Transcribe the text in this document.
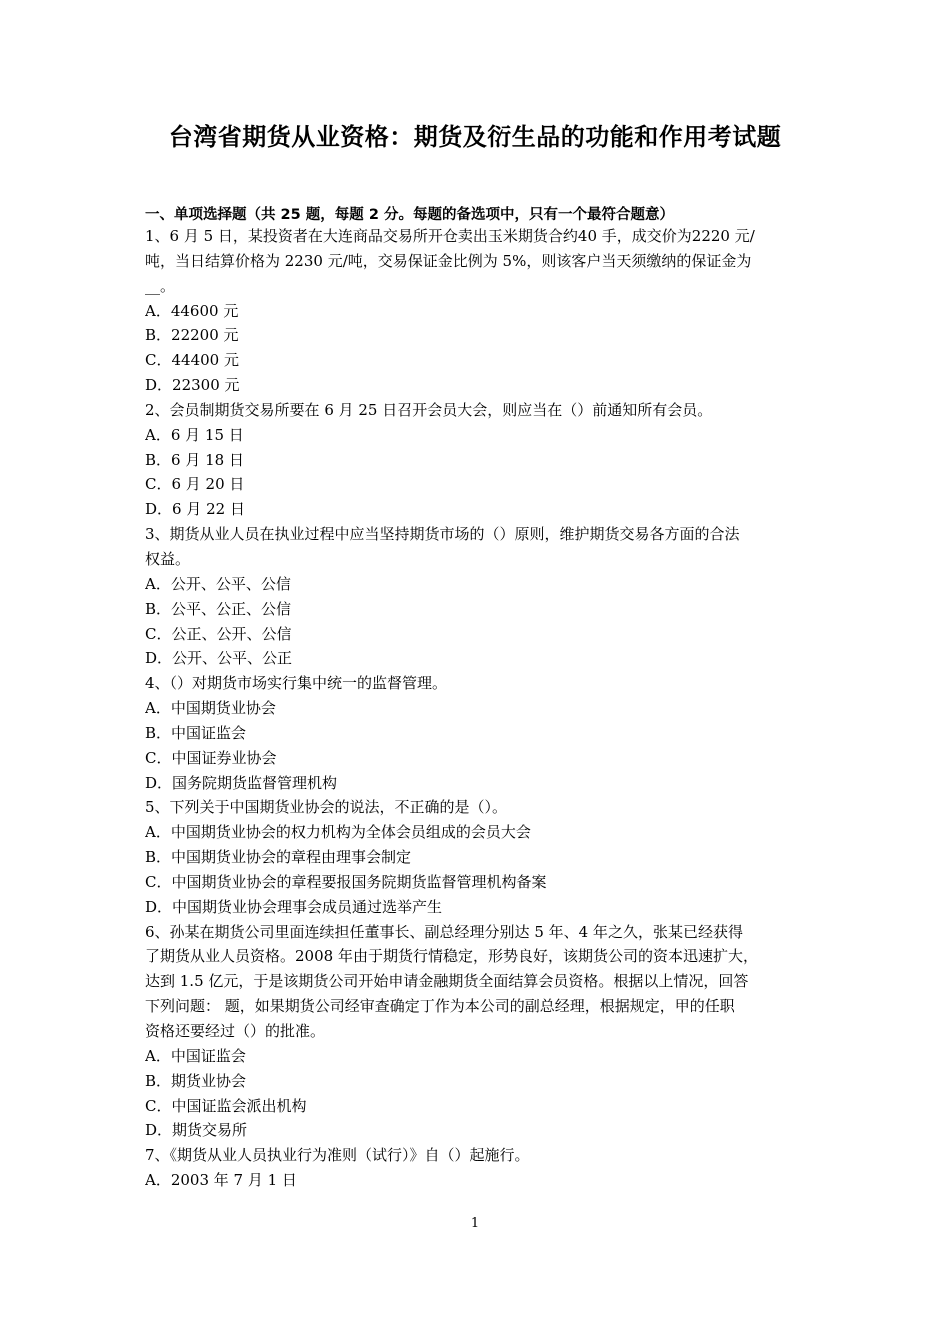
台湾省期货从业资格：期货及衍生品的功能和作用考试题
一、单项选择题（共 25 题，每题 2 分。每题的备选项中，只有一个最符合题意）
1、6 月 5 日，某投资者在大连商品交易所开仓卖出玉米期货合约40 手，成交价为2220 元/
吨，当日结算价格为 2230 元/吨，交易保证金比例为 5%，则该客户当天须缴纳的保证金为
__。
A．44600 元
B．22200 元
C．44400 元
D．22300 元
2、会员制期货交易所要在 6 月 25 日召开会员大会，则应当在（）前通知所有会员。
A．6 月 15 日
B．6 月 18 日
C．6 月 20 日
D．6 月 22 日
3、期货从业人员在执业过程中应当坚持期货市场的（）原则，维护期货交易各方面的合法
权益。
A．公开、公平、公信
B．公平、公正、公信
C．公正、公开、公信
D．公开、公平、公正
4、（）对期货市场实行集中统一的监督管理。
A．中国期货业协会
B．中国证监会
C．中国证券业协会
D．国务院期货监督管理机构
5、下列关于中国期货业协会的说法，不正确的是（）。
A．中国期货业协会的权力机构为全体会员组成的会员大会
B．中国期货业协会的章程由理事会制定
C．中国期货业协会的章程要报国务院期货监督管理机构备案
D．中国期货业协会理事会成员通过选举产生
6、孙某在期货公司里面连续担任董事长、副总经理分别达 5 年、4 年之久，张某已经获得
了期货从业人员资格。2008 年由于期货行情稳定，形势良好，该期货公司的资本迅速扩大，
达到 1.5 亿元，于是该期货公司开始申请金融期货全面结算会员资格。根据以上情况，回答
下列问题： 题，如果期货公司经审查确定丁作为本公司的副总经理，根据规定，甲的任职
资格还要经过（）的批准。
A．中国证监会
B．期货业协会
C．中国证监会派出机构
D．期货交易所
7、《期货从业人员执业行为准则（试行）》自（）起施行。
A．2003 年 7 月 1 日
1
